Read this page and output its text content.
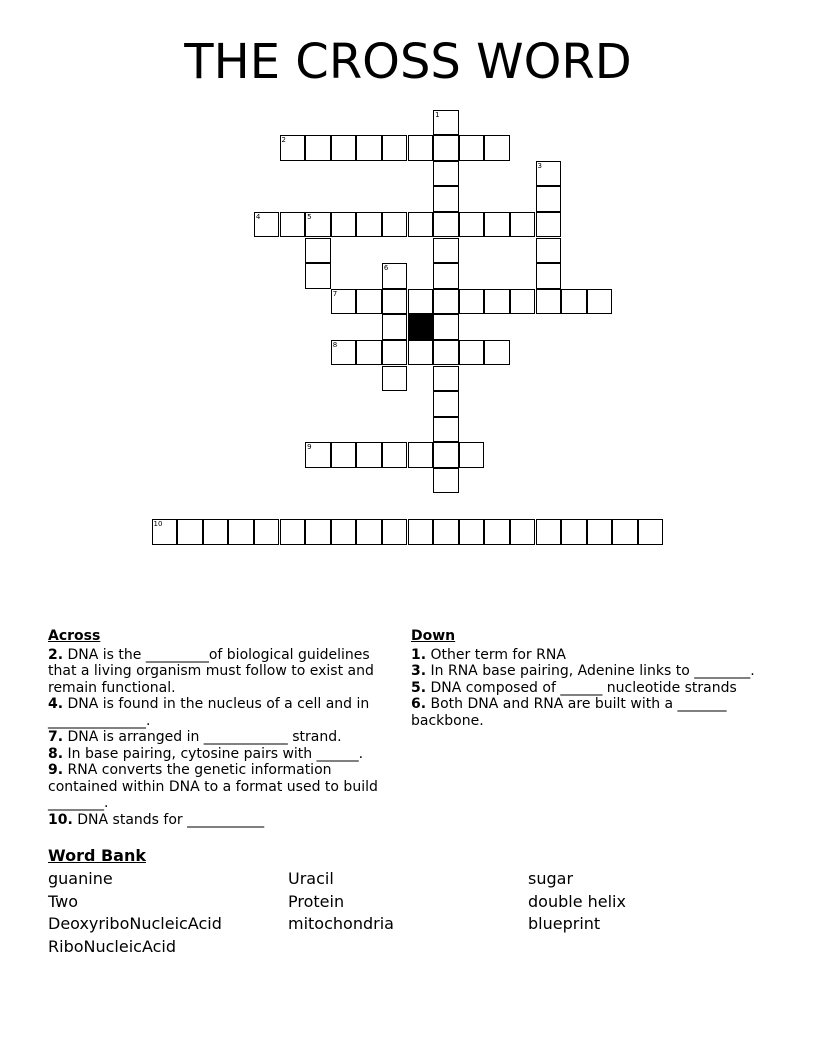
THE CROSS WORD
1
2
3
4	5
6
7
8
9
10
Across
2. DNA is the _________of biological guidelines that a living organism must follow to exist and remain functional.
4. DNA is found in the nucleus of a cell and in ______________.
7. DNA is arranged in ____________ strand.
8. In base pairing, cytosine pairs with ______.
9. RNA converts the genetic information contained within DNA to a format used to build ________.
10. DNA stands for ___________
Down
1. Other term for RNA
3. In RNA base pairing, Adenine links to ________.
5. DNA composed of ______ nucleotide strands
6. Both DNA and RNA are built with a _______ backbone.
Word Bank
guanine
Two
DeoxyriboNucleicAcid
RiboNucleicAcid
Uracil
Protein
mitochondria
sugar
double helix
blueprint
